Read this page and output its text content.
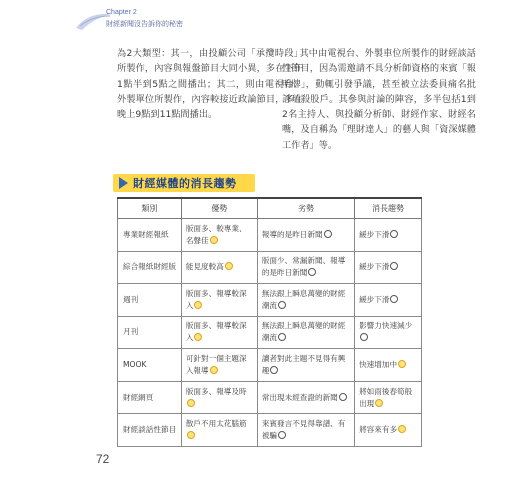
Chapter 2
財經新聞沒告訴你的秘密
為2大類型：其一，由投顧公司「承攬時段」所製作，內容與報盤節目大同小異，多在下午1點半到5點之間播出；其二，則由電視台、外製單位所製作，內容較接近政論節目，多在晚上9點到11點間播出。
其中由電視台、外製車位所製作的財經談話性節目，因為需邀請不具分析師資格的來賓「報明牌」，動輒引發爭議，甚至被立法委員痛名批評玩殺股戶。其參與討論的陣容，多半包括1到2名主持人、與投顧分析師、財經作家、財經名嘴，及自稱為「理財達人」的藝人與「資深媒體工作者」等。
財經媒體的消長趨勢
類別	優勢	劣勢	消長趨勢
專業財經報紙	版面多、較專業、名聲佳	報導的是昨日新聞	緩步下滑
綜合報紙財經版	能見度較高	版面少、常漏新聞、報導的是昨日新聞	緩步下滑
週刊	版面多、報導較深入	無法跟上瞬息萬變的財經潮流	緩步下滑
月刊	版面多、報導較深入	無法跟上瞬息萬變的財經潮流	影響力快速減少
MOOK	可針對一個主題深入報導	讀者對此主題不見得有興趣	快速增加中
財經網頁	版面多、報導及時	常出現未經查證的新聞	將如雨後春筍般出現
財經談話性節目	散戶不用太花腦筋	來賓發言不見得靠譜、有被騙	將容來有多
72
